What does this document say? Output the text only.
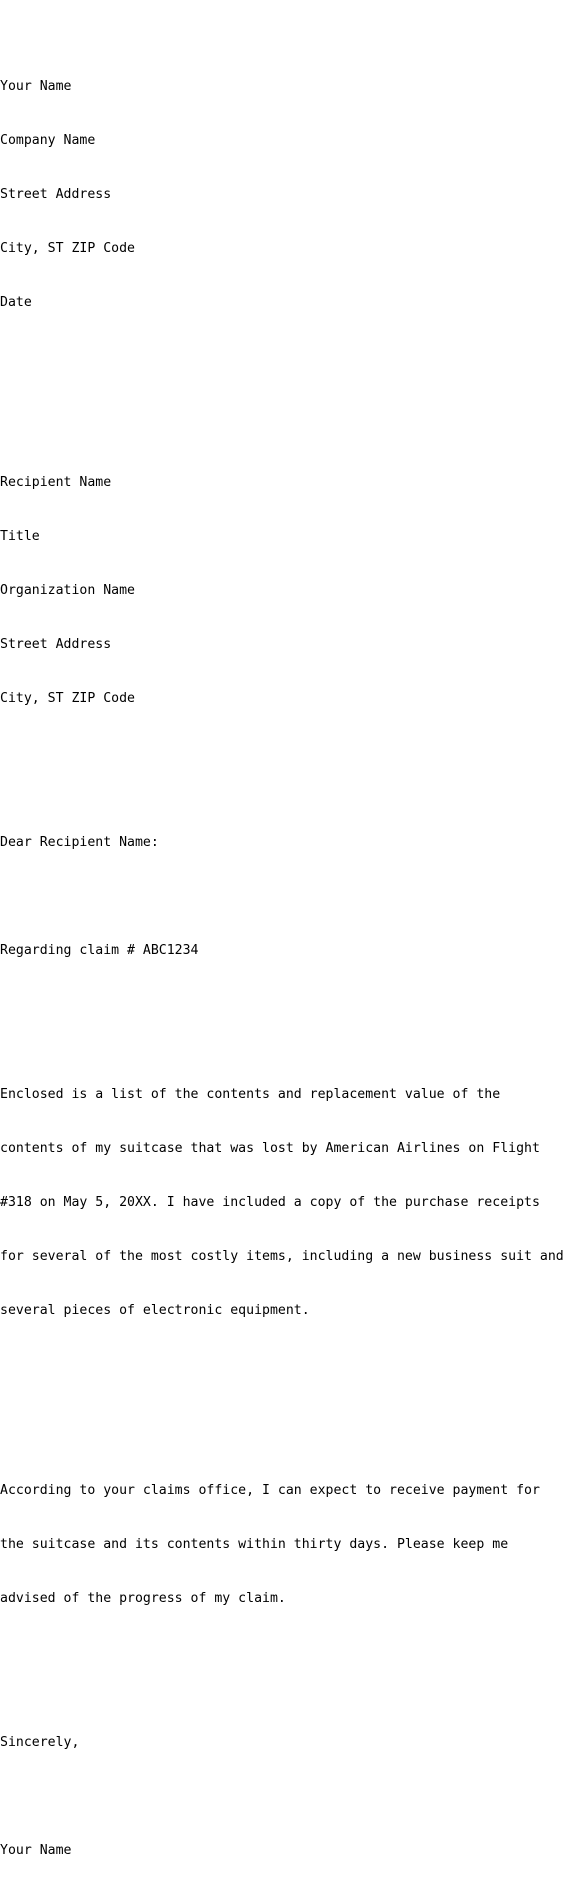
Your Name

Company Name

Street Address

City, ST ZIP Code

Date

Recipient Name

Title

Organization Name

Street Address

City, ST ZIP Code

Dear Recipient Name:

Regarding claim # ABC1234

Enclosed is a list of the contents and replacement value of the

contents of my suitcase that was lost by American Airlines on Flight

#318 on May 5, 20XX. I have included a copy of the purchase receipts

for several of the most costly items, including a new business suit and

several pieces of electronic equipment.

According to your claims office, I can expect to receive payment for

the suitcase and its contents within thirty days. Please keep me

advised of the progress of my claim.

Sincerely,

Your Name
